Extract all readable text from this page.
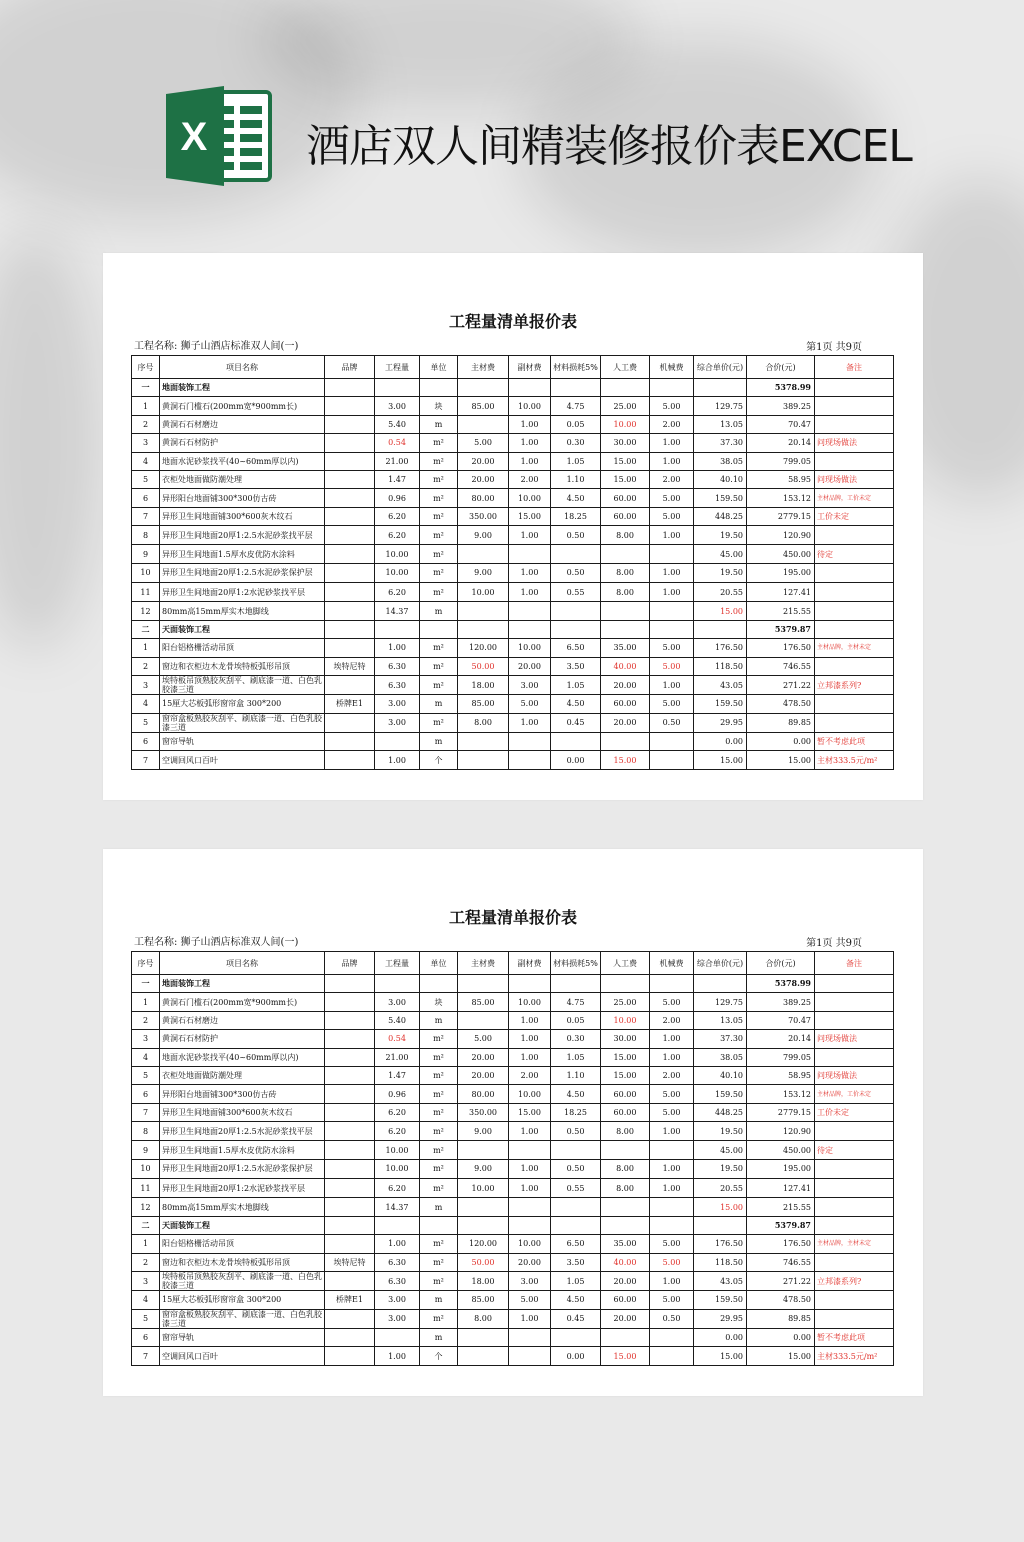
X 酒店双人间精装修报价表EXCEL
工程量清单报价表
工程名称: 狮子山酒店标准双人间(一)	第1页 共9页
序号	项目名称	品牌	工程量	单位	主材费	副材费	材料损耗5%	人工费	机械费	综合单价(元)	合价(元)	备注
一	地面装饰工程										5378.99	
1	黄洞石门槛石(200mm宽*900mm长)		3.00	块	85.00	10.00	4.75	25.00	5.00	129.75	389.25	
2	黄洞石石材磨边		5.40	m		1.00	0.05	10.00	2.00	13.05	70.47	
3	黄洞石石材防护		0.54	m²	5.00	1.00	0.30	30.00	1.00	37.30	20.14	问现场做法
4	地面水泥砂浆找平(40~60mm厚以内)		21.00	m²	20.00	1.00	1.05	15.00	1.00	38.05	799.05	
5	衣柜处地面做防潮处理		1.47	m²	20.00	2.00	1.10	15.00	2.00	40.10	58.95	问现场做法
6	异形阳台地面铺300*300仿古砖		0.96	m²	80.00	10.00	4.50	60.00	5.00	159.50	153.12	主材品牌，工价未定
7	异形卫生间地面铺300*600灰木纹石		6.20	m²	350.00	15.00	18.25	60.00	5.00	448.25	2779.15	工价未定
8	异形卫生间地面20厚1:2.5水泥砂浆找平层		6.20	m²	9.00	1.00	0.50	8.00	1.00	19.50	120.90	
9	异形卫生间地面1.5厚水皮优防水涂料		10.00	m²						45.00	450.00	待定
10	异形卫生间地面20厚1:2.5水泥砂浆保护层		10.00	m²	9.00	1.00	0.50	8.00	1.00	19.50	195.00	
11	异形卫生间地面20厚1:2水泥砂浆找平层		6.20	m²	10.00	1.00	0.55	8.00	1.00	20.55	127.41	
12	80mm高15mm厚实木地脚线		14.37	m						15.00	215.55	
二	天面装饰工程										5379.87	
1	阳台铝格栅活动吊顶		1.00	m²	120.00	10.00	6.50	35.00	5.00	176.50	176.50	主材品牌，主材未定
2	窗边和衣柜边木龙骨埃特板弧形吊顶	埃特尼特	6.30	m²	50.00	20.00	3.50	40.00	5.00	118.50	746.55	
3	埃特板吊顶熟胶灰刮平、刷底漆一道、白色乳胶漆三道		6.30	m²	18.00	3.00	1.05	20.00	1.00	43.05	271.22	立邦漆系列?
4	15厘大芯板弧形窗帘盒 300*200	桥牌E1	3.00	m	85.00	5.00	4.50	60.00	5.00	159.50	478.50	
5	窗帘盒板熟胶灰刮平、刷底漆一道、白色乳胶漆三道		3.00	m²	8.00	1.00	0.45	20.00	0.50	29.95	89.85	
6	窗帘导轨			m						0.00	0.00	暂不考虑此项
7	空调回风口百叶		1.00	个			0.00	15.00		15.00	15.00	主材333.5元/m²
工程量清单报价表
工程名称: 狮子山酒店标准双人间(一)	第1页 共9页
序号	项目名称	品牌	工程量	单位	主材费	副材费	材料损耗5%	人工费	机械费	综合单价(元)	合价(元)	备注
一	地面装饰工程										5378.99	
1	黄洞石门槛石(200mm宽*900mm长)		3.00	块	85.00	10.00	4.75	25.00	5.00	129.75	389.25	
2	黄洞石石材磨边		5.40	m		1.00	0.05	10.00	2.00	13.05	70.47	
3	黄洞石石材防护		0.54	m²	5.00	1.00	0.30	30.00	1.00	37.30	20.14	问现场做法
4	地面水泥砂浆找平(40~60mm厚以内)		21.00	m²	20.00	1.00	1.05	15.00	1.00	38.05	799.05	
5	衣柜处地面做防潮处理		1.47	m²	20.00	2.00	1.10	15.00	2.00	40.10	58.95	问现场做法
6	异形阳台地面铺300*300仿古砖		0.96	m²	80.00	10.00	4.50	60.00	5.00	159.50	153.12	主材品牌，工价未定
7	异形卫生间地面铺300*600灰木纹石		6.20	m²	350.00	15.00	18.25	60.00	5.00	448.25	2779.15	工价未定
8	异形卫生间地面20厚1:2.5水泥砂浆找平层		6.20	m²	9.00	1.00	0.50	8.00	1.00	19.50	120.90	
9	异形卫生间地面1.5厚水皮优防水涂料		10.00	m²						45.00	450.00	待定
10	异形卫生间地面20厚1:2.5水泥砂浆保护层		10.00	m²	9.00	1.00	0.50	8.00	1.00	19.50	195.00	
11	异形卫生间地面20厚1:2水泥砂浆找平层		6.20	m²	10.00	1.00	0.55	8.00	1.00	20.55	127.41	
12	80mm高15mm厚实木地脚线		14.37	m						15.00	215.55	
二	天面装饰工程										5379.87	
1	阳台铝格栅活动吊顶		1.00	m²	120.00	10.00	6.50	35.00	5.00	176.50	176.50	主材品牌，主材未定
2	窗边和衣柜边木龙骨埃特板弧形吊顶	埃特尼特	6.30	m²	50.00	20.00	3.50	40.00	5.00	118.50	746.55	
3	埃特板吊顶熟胶灰刮平、刷底漆一道、白色乳胶漆三道		6.30	m²	18.00	3.00	1.05	20.00	1.00	43.05	271.22	立邦漆系列?
4	15厘大芯板弧形窗帘盒 300*200	桥牌E1	3.00	m	85.00	5.00	4.50	60.00	5.00	159.50	478.50	
5	窗帘盒板熟胶灰刮平、刷底漆一道、白色乳胶漆三道		3.00	m²	8.00	1.00	0.45	20.00	0.50	29.95	89.85	
6	窗帘导轨			m						0.00	0.00	暂不考虑此项
7	空调回风口百叶		1.00	个			0.00	15.00		15.00	15.00	主材333.5元/m²
